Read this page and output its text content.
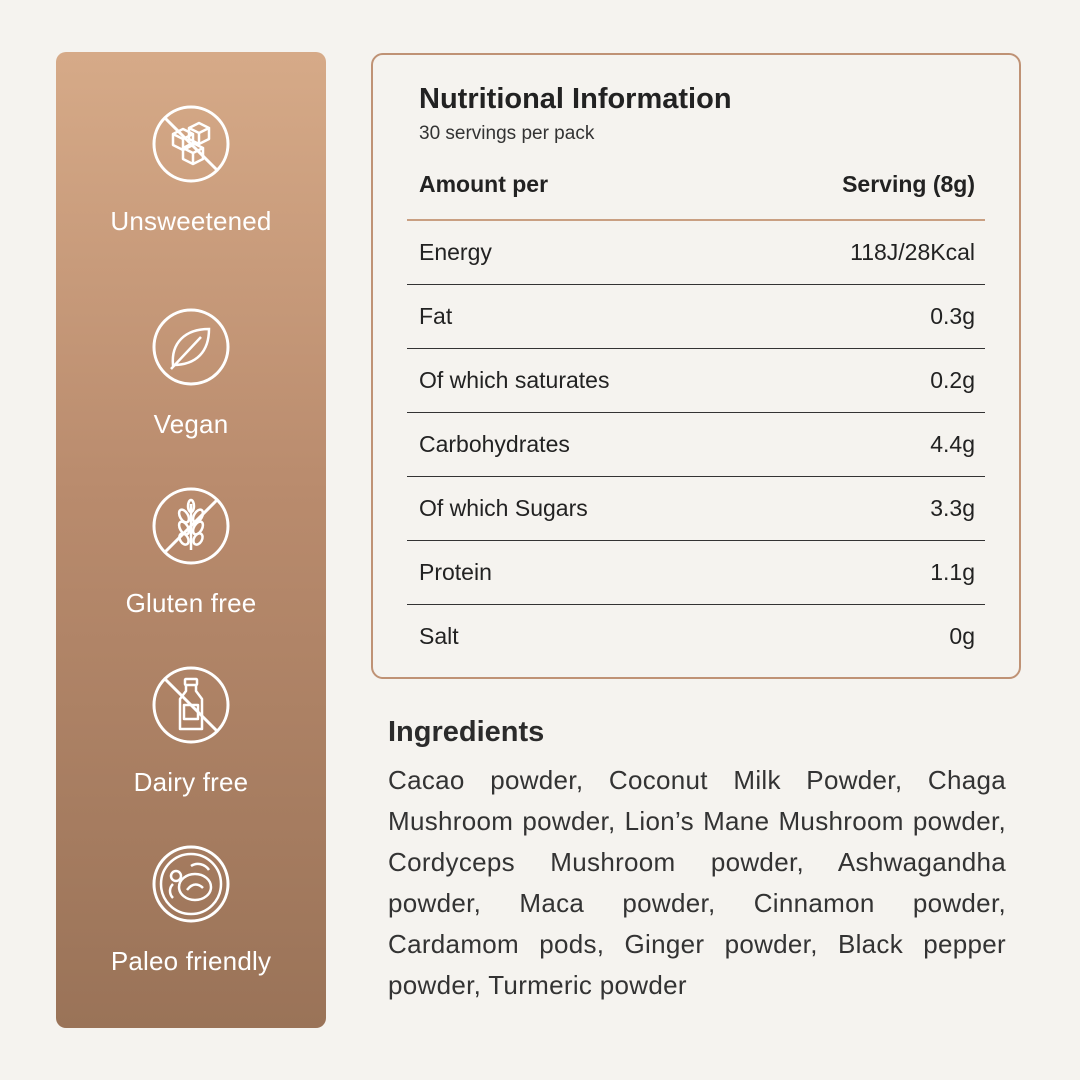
Unsweetened
Vegan
Gluten free
Dairy free
Paleo friendly
Nutritional Information
30 servings per pack
Amount per	Serving (8g)
Energy	118J/28Kcal
Fat	0.3g
Of which saturates	0.2g
Carbohydrates	4.4g
Of which Sugars	3.3g
Protein	1.1g
Salt	0g
Ingredients
Cacao powder, Coconut Milk Powder, Chaga Mushroom powder, Lion’s Mane Mushroom powder, Cordyceps Mushroom powder, Ashwagandha powder, Maca powder, Cinnamon powder, Cardamom pods, Ginger powder, Black pepper powder, Turmeric powder
